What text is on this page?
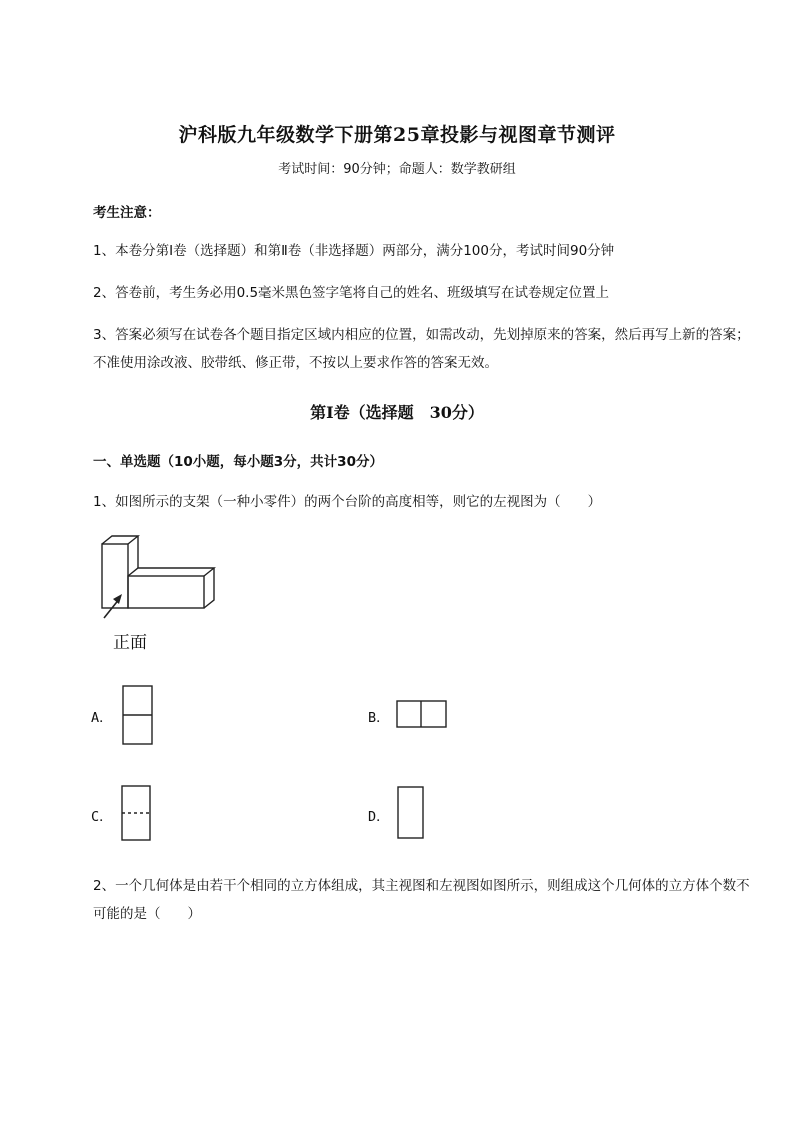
沪科版九年级数学下册第25章投影与视图章节测评
考试时间：90分钟；命题人：数学教研组
考生注意：
1、本卷分第I卷（选择题）和第Ⅱ卷（非选择题）两部分，满分100分，考试时间90分钟
2、答卷前，考生务必用0.5毫米黑色签字笔将自己的姓名、班级填写在试卷规定位置上
3、答案必须写在试卷各个题目指定区域内相应的位置，如需改动，先划掉原来的答案，然后再写上新的答案；不准使用涂改液、胶带纸、修正带，不按以上要求作答的答案无效。
第I卷（选择题　30分）
一、单选题（10小题，每小题3分，共计30分）
1、如图所示的支架（一种小零件）的两个台阶的高度相等，则它的左视图为（　　）
正面
A．	B．
C．	D．
2、一个几何体是由若干个相同的立方体组成，其主视图和左视图如图所示，则组成这个几何体的立方体个数不可能的是（　　）
